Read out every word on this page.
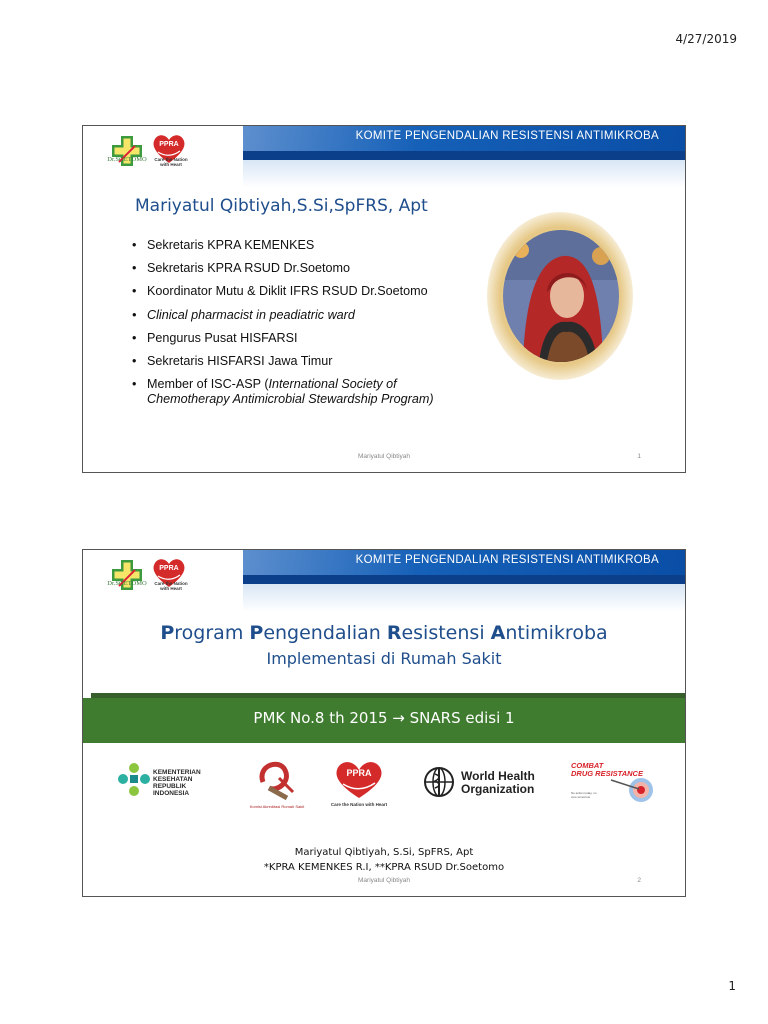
4/27/2019
KOMITE PENGENDALIAN RESISTENSI ANTIMIKROBA
Dr.SOETOMO
PPRA
Care the Nation with Heart
Mariyatul Qibtiyah,S.Si,SpFRS, Apt
• Sekretaris KPRA KEMENKES
• Sekretaris KPRA RSUD Dr.Soetomo
• Koordinator Mutu & Diklit IFRS RSUD Dr.Soetomo
• Clinical pharmacist in peadiatric ward
• Pengurus Pusat HISFARSI
• Sekretaris HISFARSI Jawa Timur
• Member of ISC-ASP (International Society of Chemotherapy Antimicrobial Stewardship Program)
Mariyatul Qibtiyah	1
KOMITE PENGENDALIAN RESISTENSI ANTIMIKROBA
Dr.SOETOMO
PPRA
Care the Nation with Heart
Program Pengendalian Resistensi Antimikroba
Implementasi di Rumah Sakit
PMK No.8 th 2015 → SNARS edisi 1
KEMENTERIAN
KESEHATAN
REPUBLIK
INDONESIA
Komisi Akreditasi Rumah Sakit
PPRA
Care the Nation with Heart
World Health
Organization
COMBAT
DRUG RESISTANCE
No action today, no cure tomorrow
Mariyatul Qibtiyah, S.Si, SpFRS, Apt
*KPRA KEMENKES R.I, **KPRA RSUD Dr.Soetomo
Mariyatul Qibtiyah	2
1
